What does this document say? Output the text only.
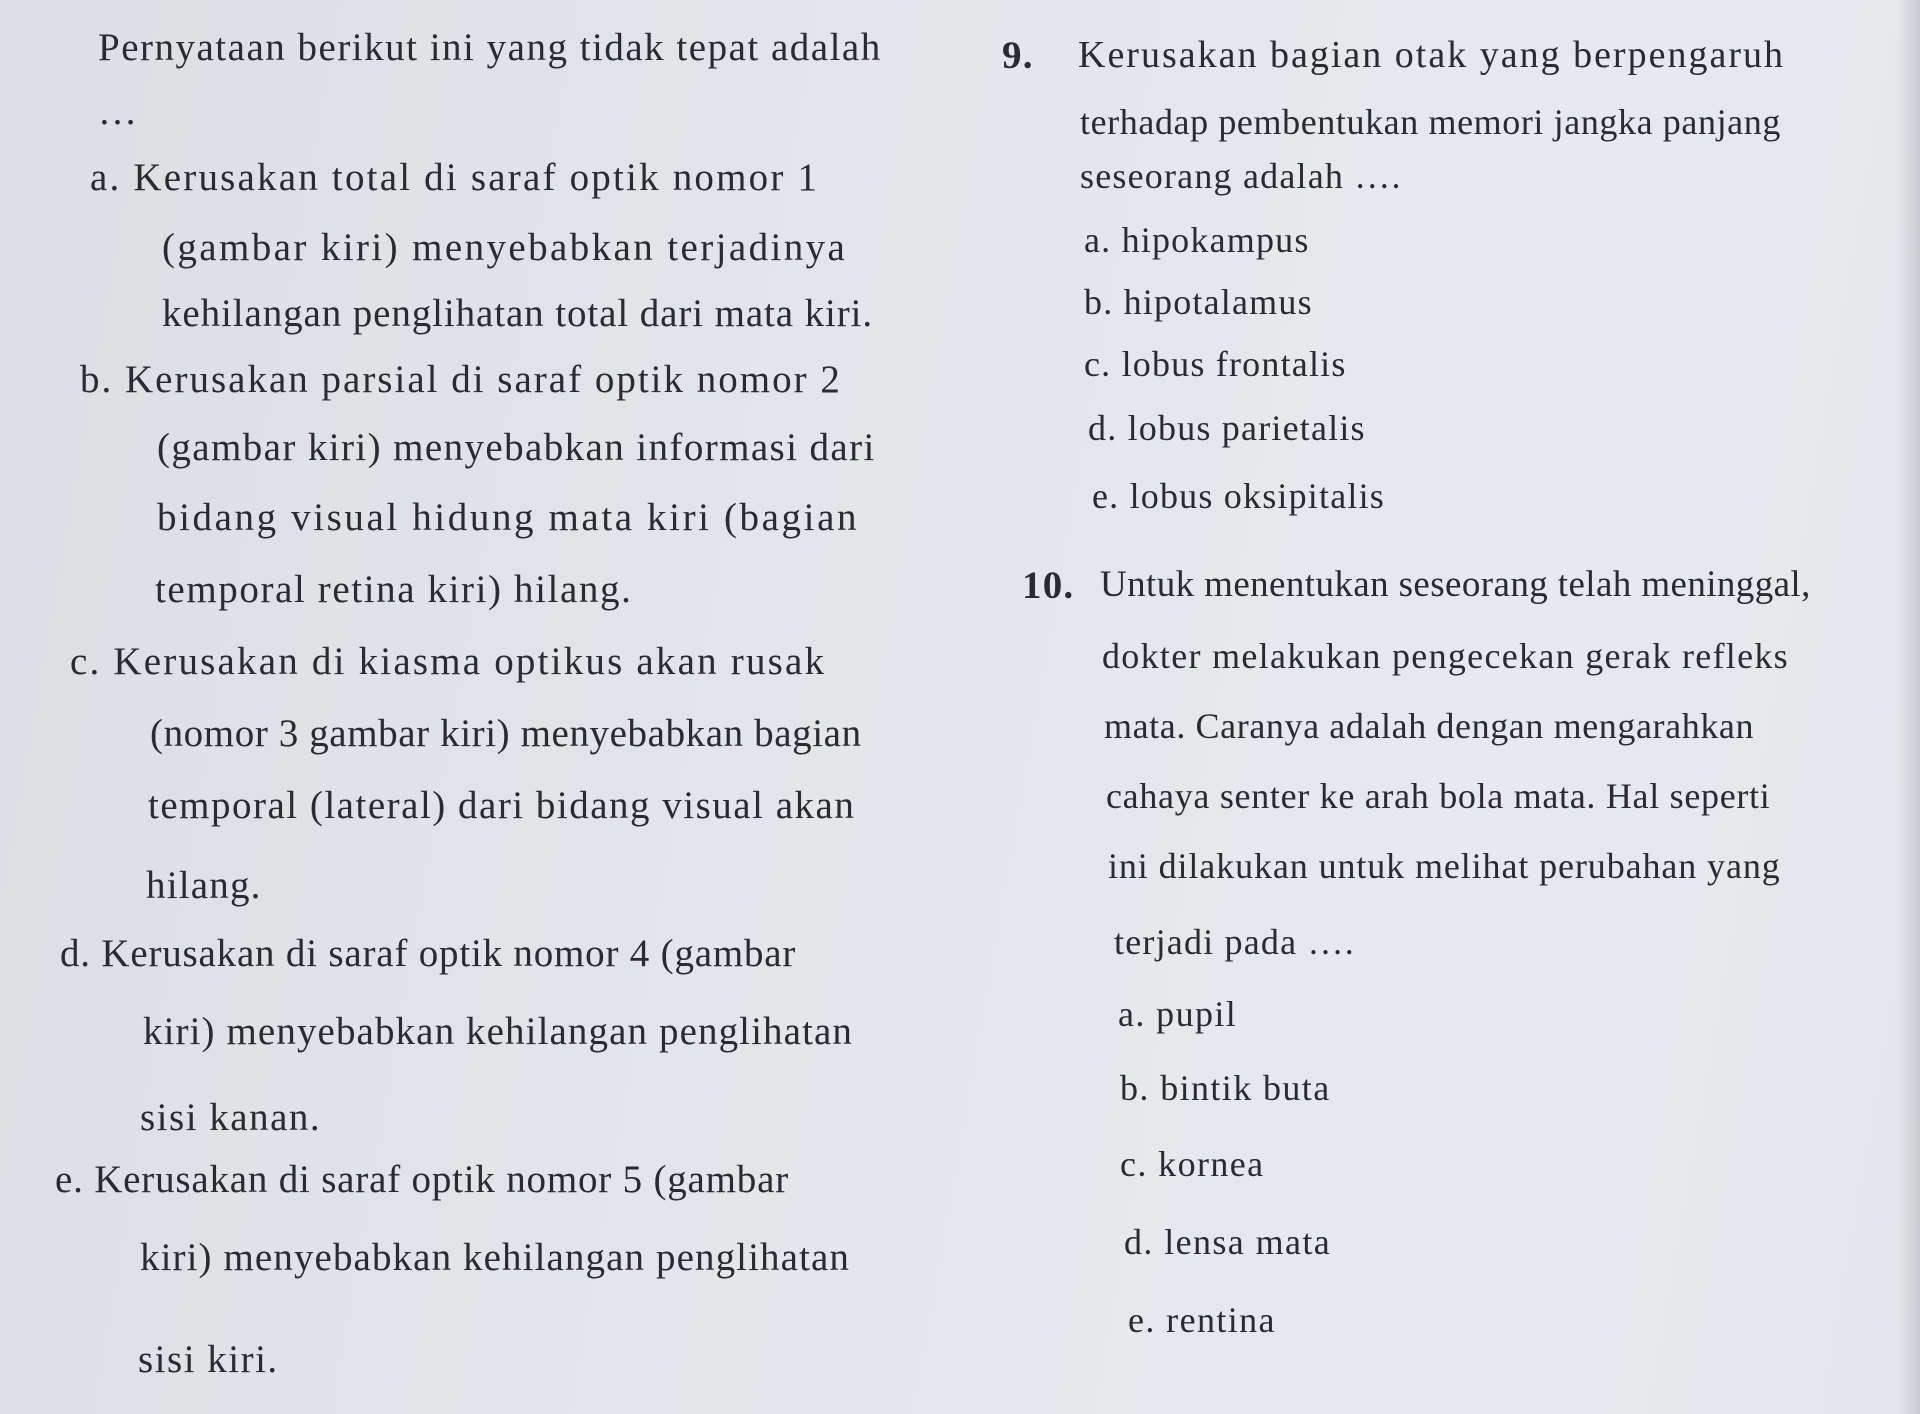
Pernyataan berikut ini yang tidak tepat adalah
…
a. Kerusakan total di saraf optik nomor 1
(gambar kiri) menyebabkan terjadinya
kehilangan penglihatan total dari mata kiri.
b. Kerusakan parsial di saraf optik nomor 2
(gambar kiri) menyebabkan informasi dari
bidang visual hidung mata kiri (bagian
temporal retina kiri) hilang.
c. Kerusakan di kiasma optikus akan rusak
(nomor 3 gambar kiri) menyebabkan bagian
temporal (lateral) dari bidang visual akan
hilang.
d. Kerusakan di saraf optik nomor 4 (gambar
kiri) menyebabkan kehilangan penglihatan
sisi kanan.
e. Kerusakan di saraf optik nomor 5 (gambar
kiri) menyebabkan kehilangan penglihatan
sisi kiri.
9. Kerusakan bagian otak yang berpengaruh
terhadap pembentukan memori jangka panjang
seseorang adalah ….
a. hipokampus
b. hipotalamus
c. lobus frontalis
d. lobus parietalis
e. lobus oksipitalis
10. Untuk menentukan seseorang telah meninggal,
dokter melakukan pengecekan gerak refleks
mata. Caranya adalah dengan mengarahkan
cahaya senter ke arah bola mata. Hal seperti
ini dilakukan untuk melihat perubahan yang
terjadi pada ….
a. pupil
b. bintik buta
c. kornea
d. lensa mata
e. rentina
